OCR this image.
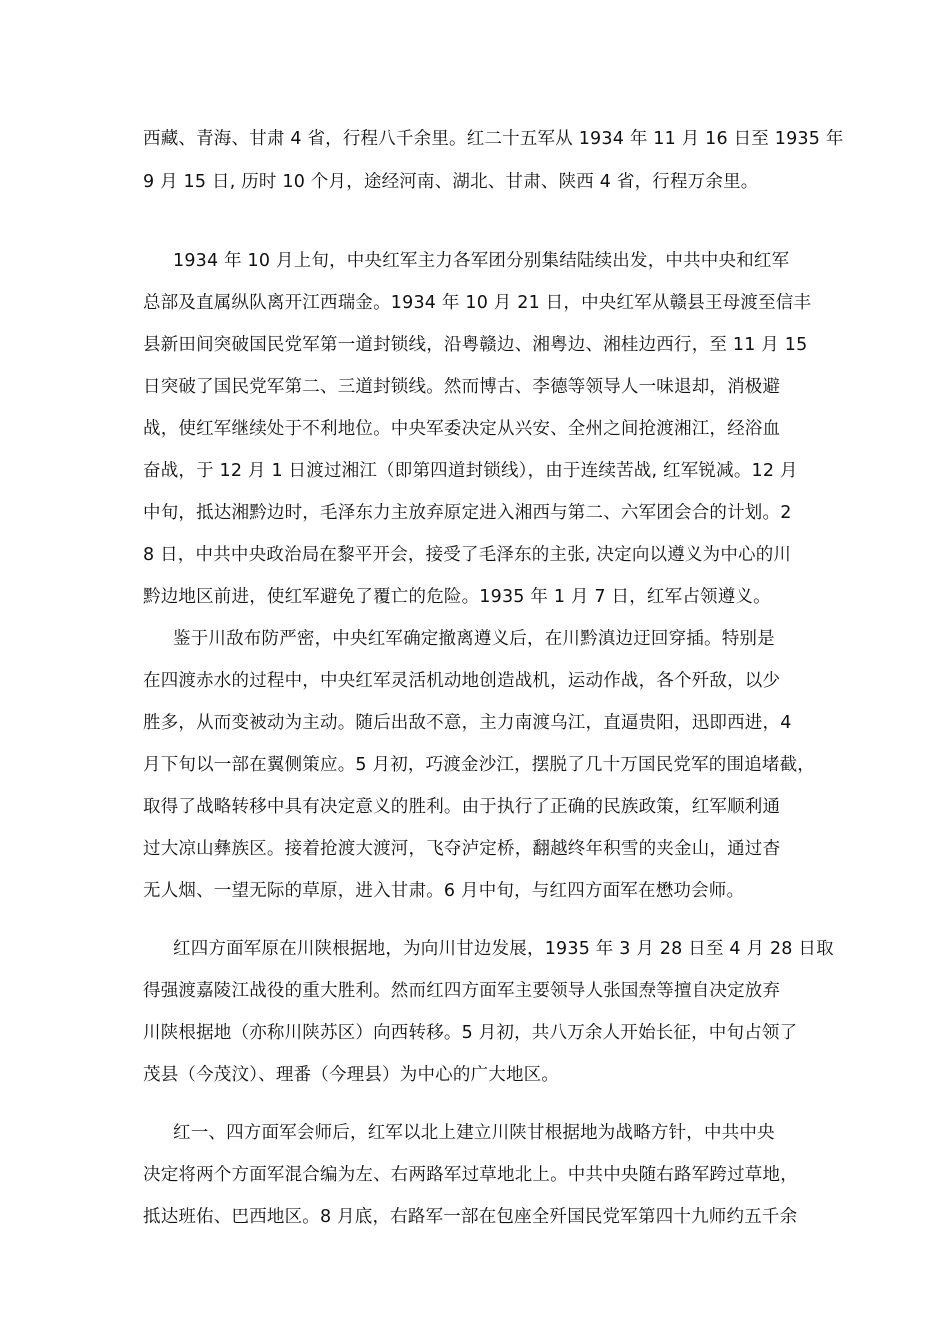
西藏、青海、甘肃 4 省，行程八千余里。红二十五军从 1934 年 11 月 16 日至 1935 年
9 月 15 日, 历时 10 个月，途经河南、湖北、甘肃、陕西 4 省，行程万余里。
1934 年 10 月上旬，中央红军主力各军团分别集结陆续出发，中共中央和红军
总部及直属纵队离开江西瑞金。1934 年 10 月 21 日，中央红军从赣县王母渡至信丰
县新田间突破国民党军第一道封锁线，沿粤赣边、湘粤边、湘桂边西行，至 11 月 15
日突破了国民党军第二、三道封锁线。然而博古、李德等领导人一味退却，消极避
战，使红军继续处于不利地位。中央军委决定从兴安、全州之间抢渡湘江，经浴血
奋战，于 12 月 1 日渡过湘江（即第四道封锁线），由于连续苦战, 红军锐减。12 月
中旬，抵达湘黔边时，毛泽东力主放弃原定进入湘西与第二、六军团会合的计划。2
8 日，中共中央政治局在黎平开会，接受了毛泽东的主张, 决定向以遵义为中心的川
黔边地区前进，使红军避免了覆亡的危险。1935 年 1 月 7 日，红军占领遵义。
鉴于川敌布防严密，中央红军确定撤离遵义后，在川黔滇边迂回穿插。特别是
在四渡赤水的过程中，中央红军灵活机动地创造战机，运动作战，各个歼敌，以少
胜多，从而变被动为主动。随后出敌不意，主力南渡乌江，直逼贵阳，迅即西进，4
月下旬以一部在翼侧策应。5 月初，巧渡金沙江，摆脱了几十万国民党军的围追堵截，
取得了战略转移中具有决定意义的胜利。由于执行了正确的民族政策，红军顺利通
过大凉山彝族区。接着抢渡大渡河，飞夺泸定桥，翻越终年积雪的夹金山，通过杳
无人烟、一望无际的草原，进入甘肃。6 月中旬，与红四方面军在懋功会师。
红四方面军原在川陕根据地，为向川甘边发展，1935 年 3 月 28 日至 4 月 28 日取
得强渡嘉陵江战役的重大胜利。然而红四方面军主要领导人张国焘等擅自决定放弃
川陕根据地（亦称川陕苏区）向西转移。5 月初，共八万余人开始长征，中旬占领了
茂县（今茂汶）、理番（今理县）为中心的广大地区。
红一、四方面军会师后，红军以北上建立川陕甘根据地为战略方针，中共中央
决定将两个方面军混合编为左、右两路军过草地北上。中共中央随右路军跨过草地，
抵达班佑、巴西地区。8 月底，右路军一部在包座全歼国民党军第四十九师约五千余
